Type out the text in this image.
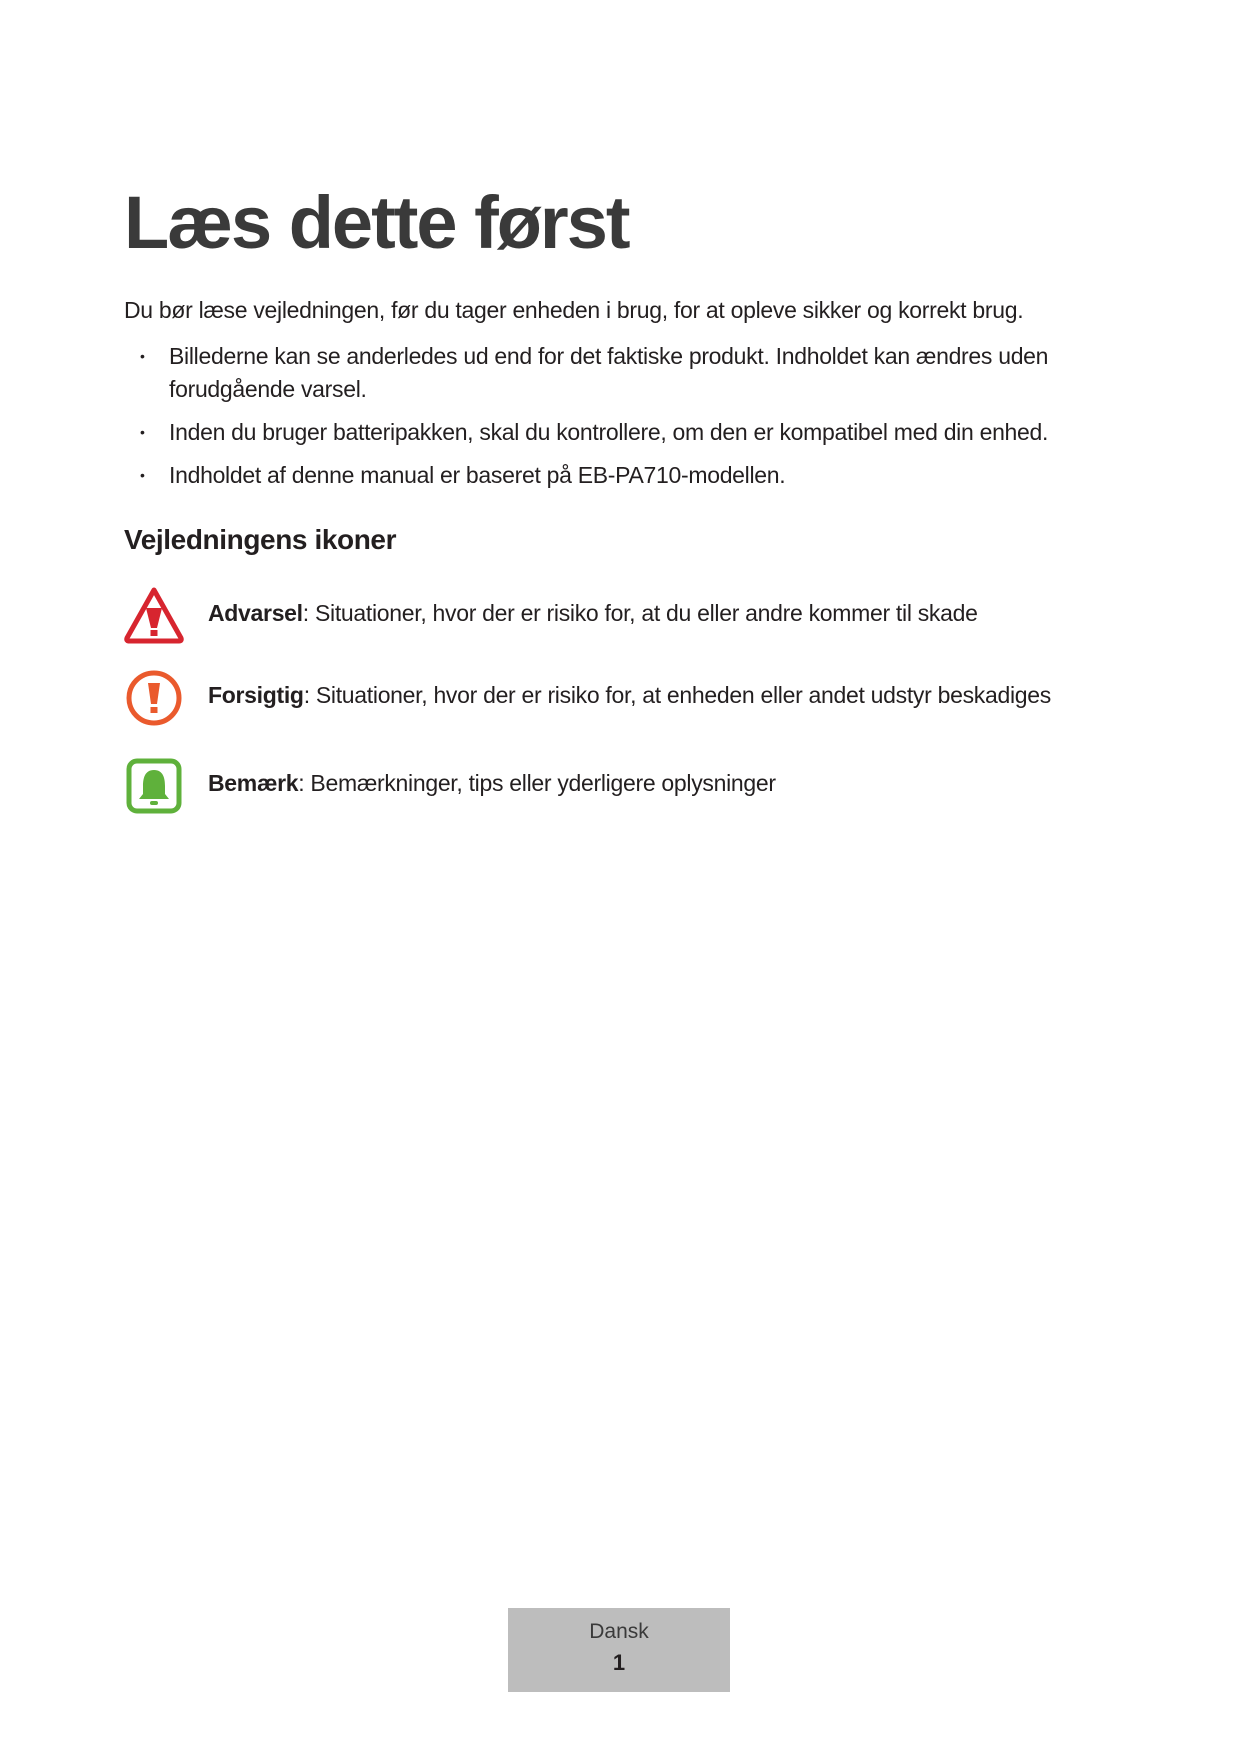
Læs dette først

Du bør læse vejledningen, før du tager enheden i brug, for at opleve sikker og korrekt brug.

• Billederne kan se anderledes ud end for det faktiske produkt. Indholdet kan ændres uden forudgående varsel.
• Inden du bruger batteripakken, skal du kontrollere, om den er kompatibel med din enhed.
• Indholdet af denne manual er baseret på EB-PA710-modellen.
Vejledningens ikoner
Advarsel: Situationer, hvor der er risiko for, at du eller andre kommer til skade
Forsigtig: Situationer, hvor der er risiko for, at enheden eller andet udstyr beskadiges
Bemærk: Bemærkninger, tips eller yderligere oplysninger
Dansk
1
